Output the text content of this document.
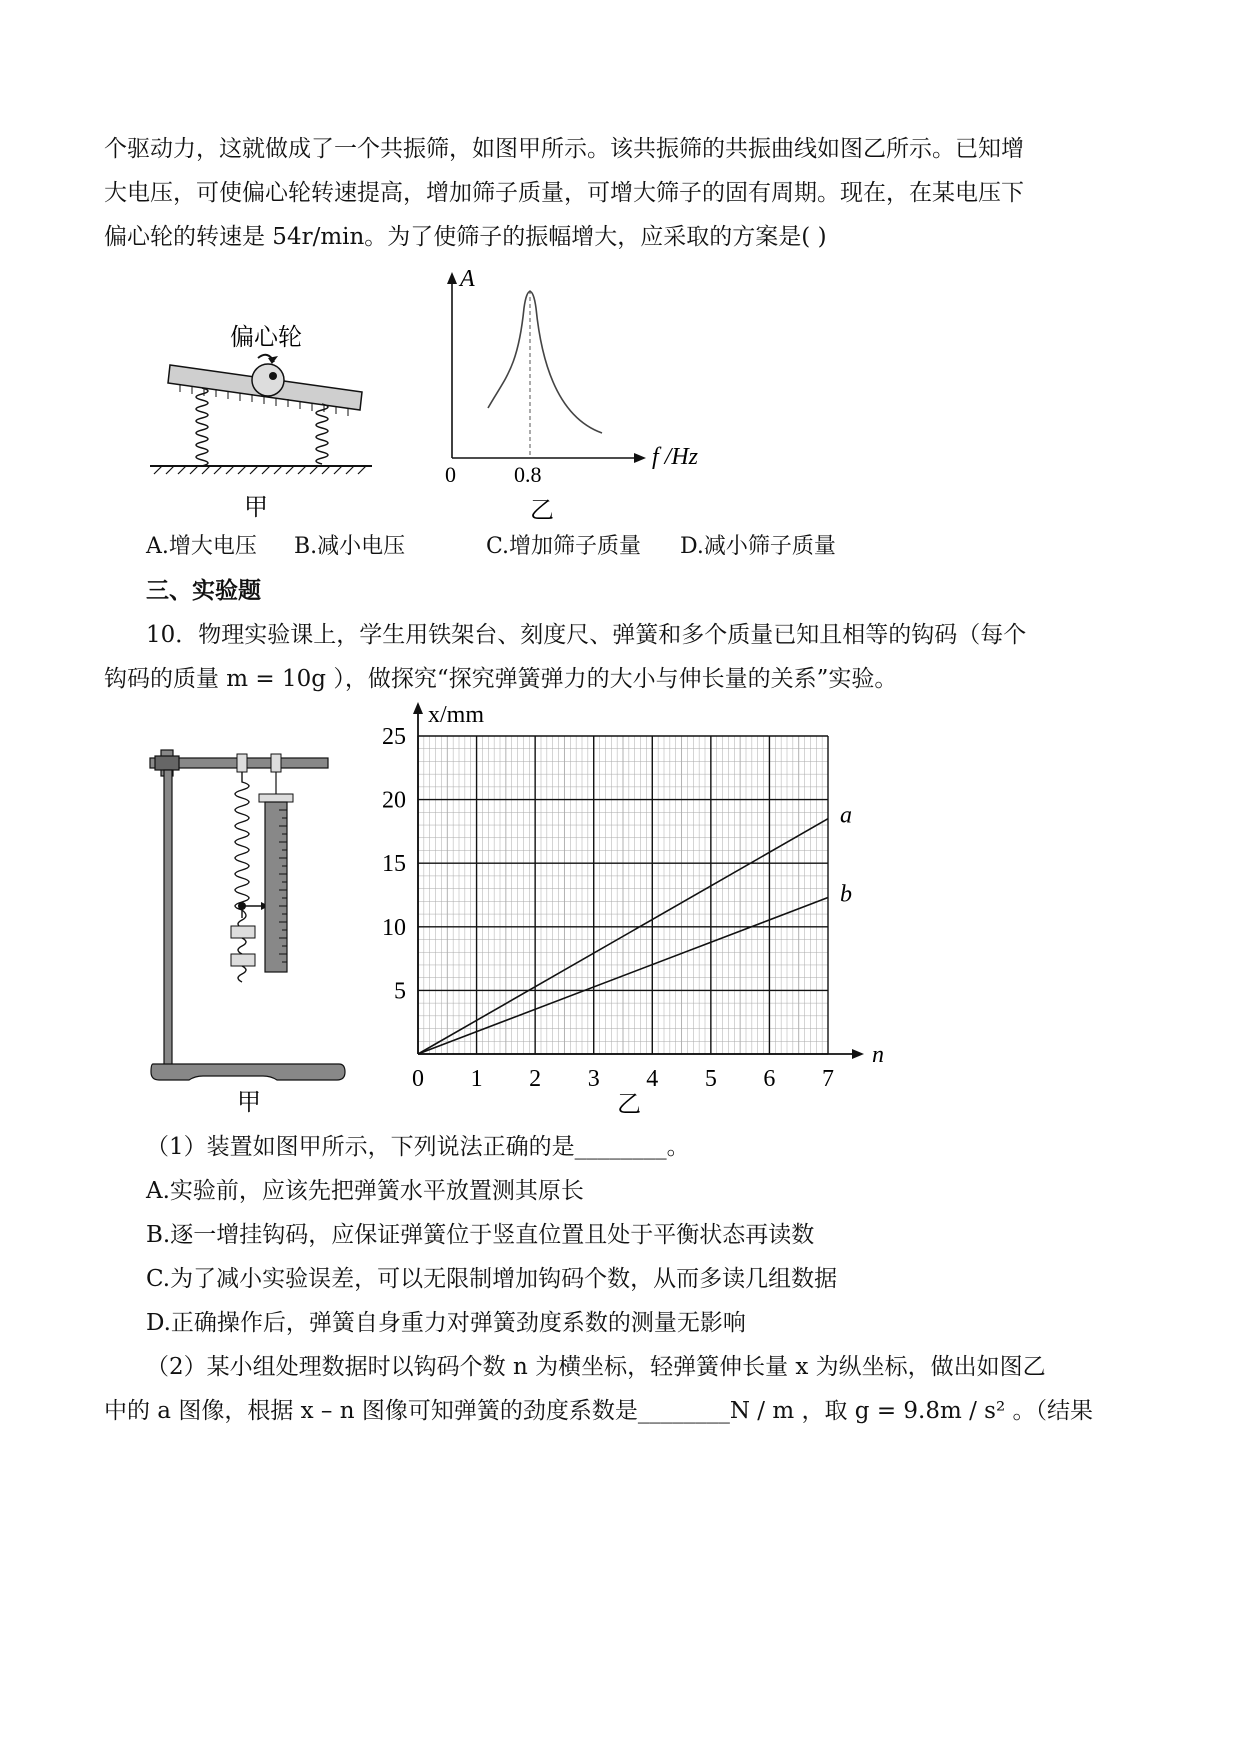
个驱动力，这就做成了一个共振筛，如图甲所示。该共振筛的共振曲线如图乙所示。已知增
大电压，可使偏心轮转速提高，增加筛子质量，可增大筛子的固有周期。现在，在某电压下
偏心轮的转速是 54r/min。为了使筛子的振幅增大，应采取的方案是( )
偏心轮
甲
A
f /Hz
0	0.8
乙
A.增大电压 B.减小电压	C.增加筛子质量 D.减小筛子质量
三、实验题
10．物理实验课上，学生用铁架台、刻度尺、弹簧和多个质量已知且相等的钩码（每个
钩码的质量 m = 10g ），做探究“探究弹簧弹力的大小与伸长量的关系”实验。
甲
0 1 2 3 4 5 6 7
5
10
15
20
25
a
b
n
x/mm
乙
（1）装置如图甲所示，下列说法正确的是________。
A.实验前，应该先把弹簧水平放置测其原长
B.逐一增挂钩码，应保证弹簧位于竖直位置且处于平衡状态再读数
C.为了减小实验误差，可以无限制增加钩码个数，从而多读几组数据
D.正确操作后，弹簧自身重力对弹簧劲度系数的测量无影响
（2）某小组处理数据时以钩码个数 n 为横坐标，轻弹簧伸长量 x 为纵坐标，做出如图乙
中的 a 图像，根据 x – n 图像可知弹簧的劲度系数是________N / m ，取 g = 9.8m / s² 。（结果
